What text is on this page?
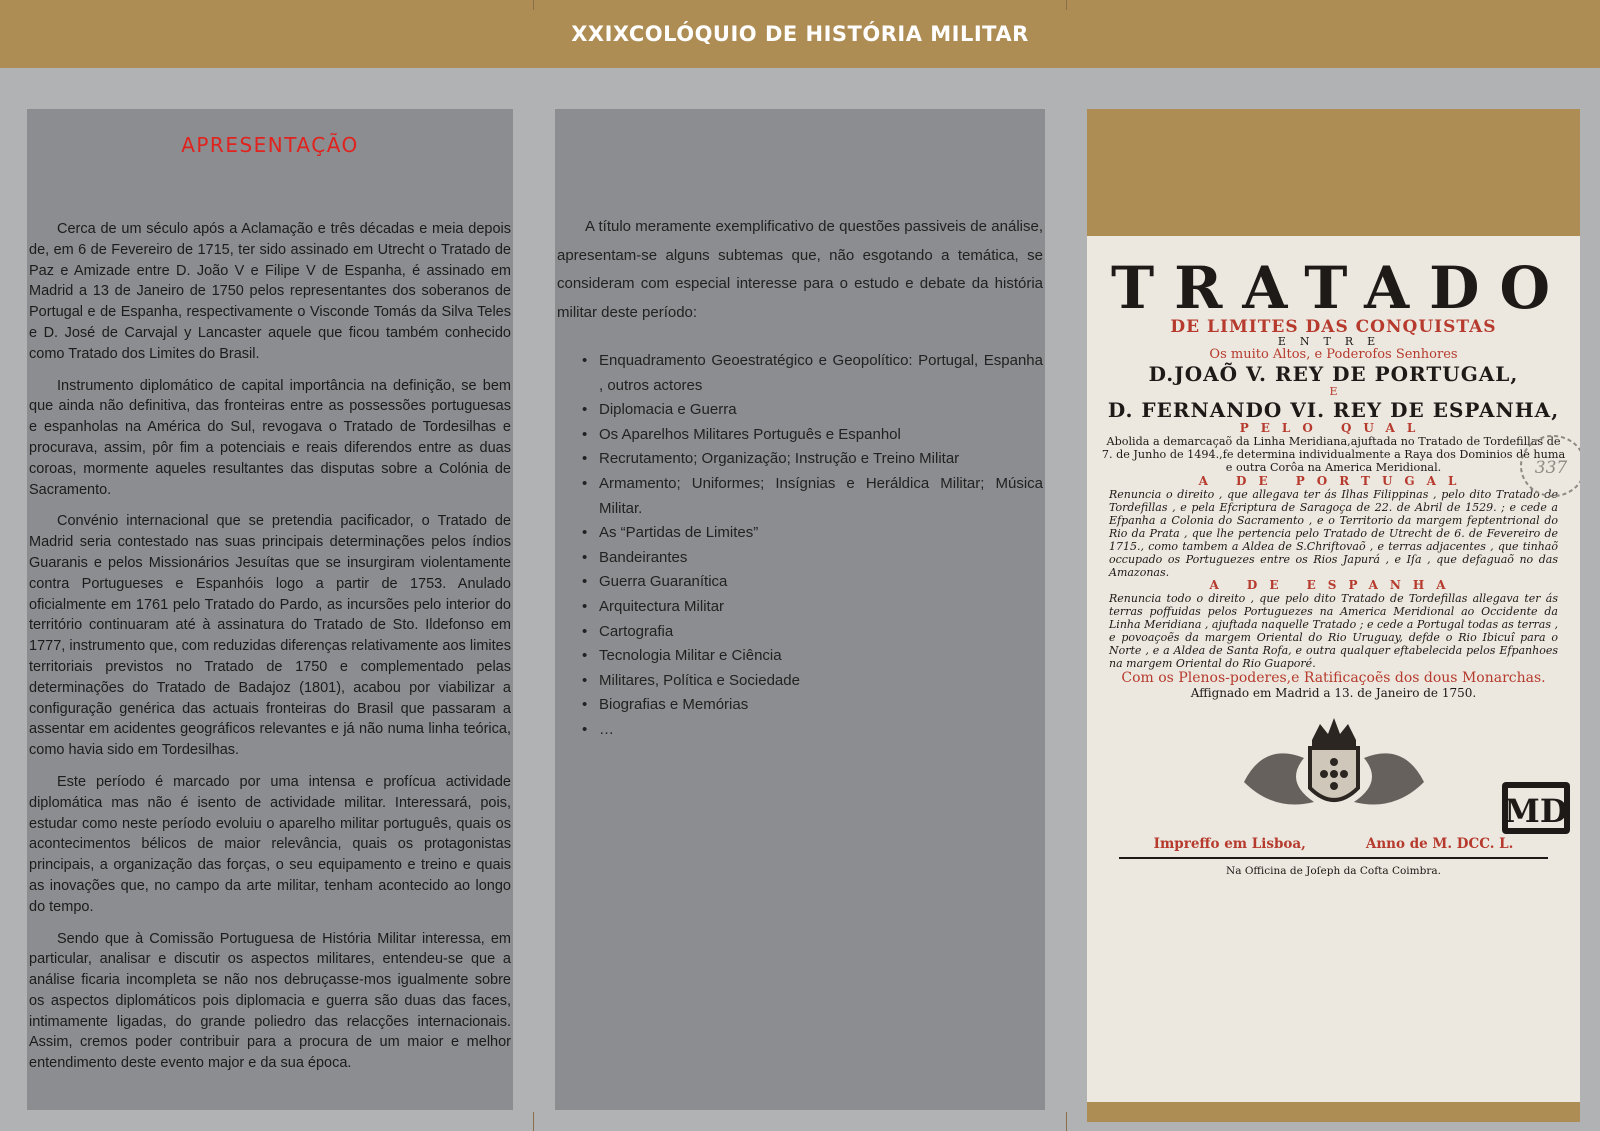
XXIXCOLÓQUIO DE HISTÓRIA MILITAR
APRESENTAÇÃO

Cerca de um século após a Aclamação e três décadas e meia depois de, em 6 de Fevereiro de 1715, ter sido assinado em Utrecht o Tratado de Paz e Amizade entre D. João V e Filipe V de Espanha, é assinado em Madrid a 13 de Janeiro de 1750 pelos representantes dos soberanos de Portugal e de Espanha, respectivamente o Visconde Tomás da Silva Teles e D. José de Carvajal y Lancaster aquele que ficou também conhecido como Tratado dos Limites do Brasil.

Instrumento diplomático de capital importância na definição, se bem que ainda não definitiva, das fronteiras entre as possessões portuguesas e espanholas na América do Sul, revogava o Tratado de Tordesilhas e procurava, assim, pôr fim a potenciais e reais diferendos entre as duas coroas, mormente aqueles resultantes das disputas sobre a Colónia de Sacramento.

Convénio internacional que se pretendia pacificador, o Tratado de Madrid seria contestado nas suas principais determinações pelos índios Guaranis e pelos Missionários Jesuítas que se insurgiram violentamente contra Portugueses e Espanhóis logo a partir de 1753. Anulado oficialmente em 1761 pelo Tratado do Pardo, as incursões pelo interior do território continuaram até à assinatura do Tratado de Sto. Ildefonso em 1777, instrumento que, com reduzidas diferenças relativamente aos limites territoriais previstos no Tratado de 1750 e complementado pelas determinações do Tratado de Badajoz (1801), acabou por viabilizar a configuração genérica das actuais fronteiras do Brasil que passaram a assentar em acidentes geográficos relevantes e já não numa linha teórica, como havia sido em Tordesilhas.

Este período é marcado por uma intensa e profícua actividade diplomática mas não é isento de actividade militar. Interessará, pois, estudar como neste período evoluiu o aparelho militar português, quais os acontecimentos bélicos de maior relevância, quais os protagonistas principais, a organização das forças, o seu equipamento e treino e quais as inovações que, no campo da arte militar, tenham acontecido ao longo do tempo.

Sendo que à Comissão Portuguesa de História Militar interessa, em particular, analisar e discutir os aspectos militares, entendeu-se que a análise ficaria incompleta se não nos debruçasse-mos igualmente sobre os aspectos diplomáticos pois diplomacia e guerra são duas das faces, intimamente ligadas, do grande poliedro das relacções internacionais. Assim, cremos poder contribuir para a procura de um maior e melhor entendimento deste evento major e da sua época.

A título meramente exemplificativo de questões passiveis de análise, apresentam-se alguns subtemas que, não esgotando a temática, se consideram com especial interesse para o estudo e debate da história militar deste período:

• Enquadramento Geoestratégico e Geopolítico: Portugal, Espanha , outros actores
• Diplomacia e Guerra
• Os Aparelhos Militares Português e Espanhol
• Recrutamento; Organização; Instrução e Treino Militar
• Armamento; Uniformes; Insígnias e Heráldica Militar; Música Militar.
• As “Partidas de Limites”
• Bandeirantes
• Guerra Guaranítica
• Arquitectura Militar
• Cartografia
• Tecnologia Militar e Ciência
• Militares, Política e Sociedade
• Biografias e Memórias
• …
TRATADO
DE LIMITES DAS CONQUISTAS
ENTRE
Os muito Altos, e Poderofos Senhores
D.JOAÕ V. REY DE PORTUGAL,
E
D. FERNANDO VI. REY DE ESPANHA,
PELO QUAL
Abolida a demarcaçaõ da Linha Meridiana,ajuftada no Tratado de Tordefillas de 7. de Junho de 1494.,fe determina individualmente a Raya dos Dominios de huma e outra Corôa na America Meridional.
A DE PORTUGAL
Renuncia o direito , que allegava ter ás Ilhas Filippinas , pelo dito Tratado de Tordefillas , e pela Efcriptura de Saragoça de 22. de Abril de 1529. ; e cede a Efpanha a Colonia do Sacramento , e o Territorio da margem feptentrional do Rio da Prata , que lhe pertencia pelo Tratado de Utrecht de 6. de Fevereiro de 1715., como tambem a Aldea de S.Chriftovaõ , e terras adjacentes , que tinhaõ occupado os Portuguezes entre os Rios Japurá , e Iſa , que defaguaõ no das Amazonas.
A DE ESPANHA
Renuncia todo o direito , que pelo dito Tratado de Tordefillas allegava ter ás terras poffuidas pelos Portuguezes na America Meridional ao Occidente da Linha Meridiana , ajuftada naquelle Tratado ; e cede a Portugal todas as terras , e povoaçoẽs da margem Oriental do Rio Uruguay, defde o Rio Ibicuî para o Norte , e a Aldea de Santa Rofa, e outra qualquer eftabelecida pelos Efpanhoes na margem Oriental do Rio Guaporé.
Com os Plenos-poderes,e Ratificaçoẽs dos dous Monarchas.
Affignado em Madrid a 13. de Janeiro de 1750.
Impreffo em Lisboa,	Anno de M. DCC. L.
Na Officina de Joſeph da Cofta Coimbra.
MD
337
